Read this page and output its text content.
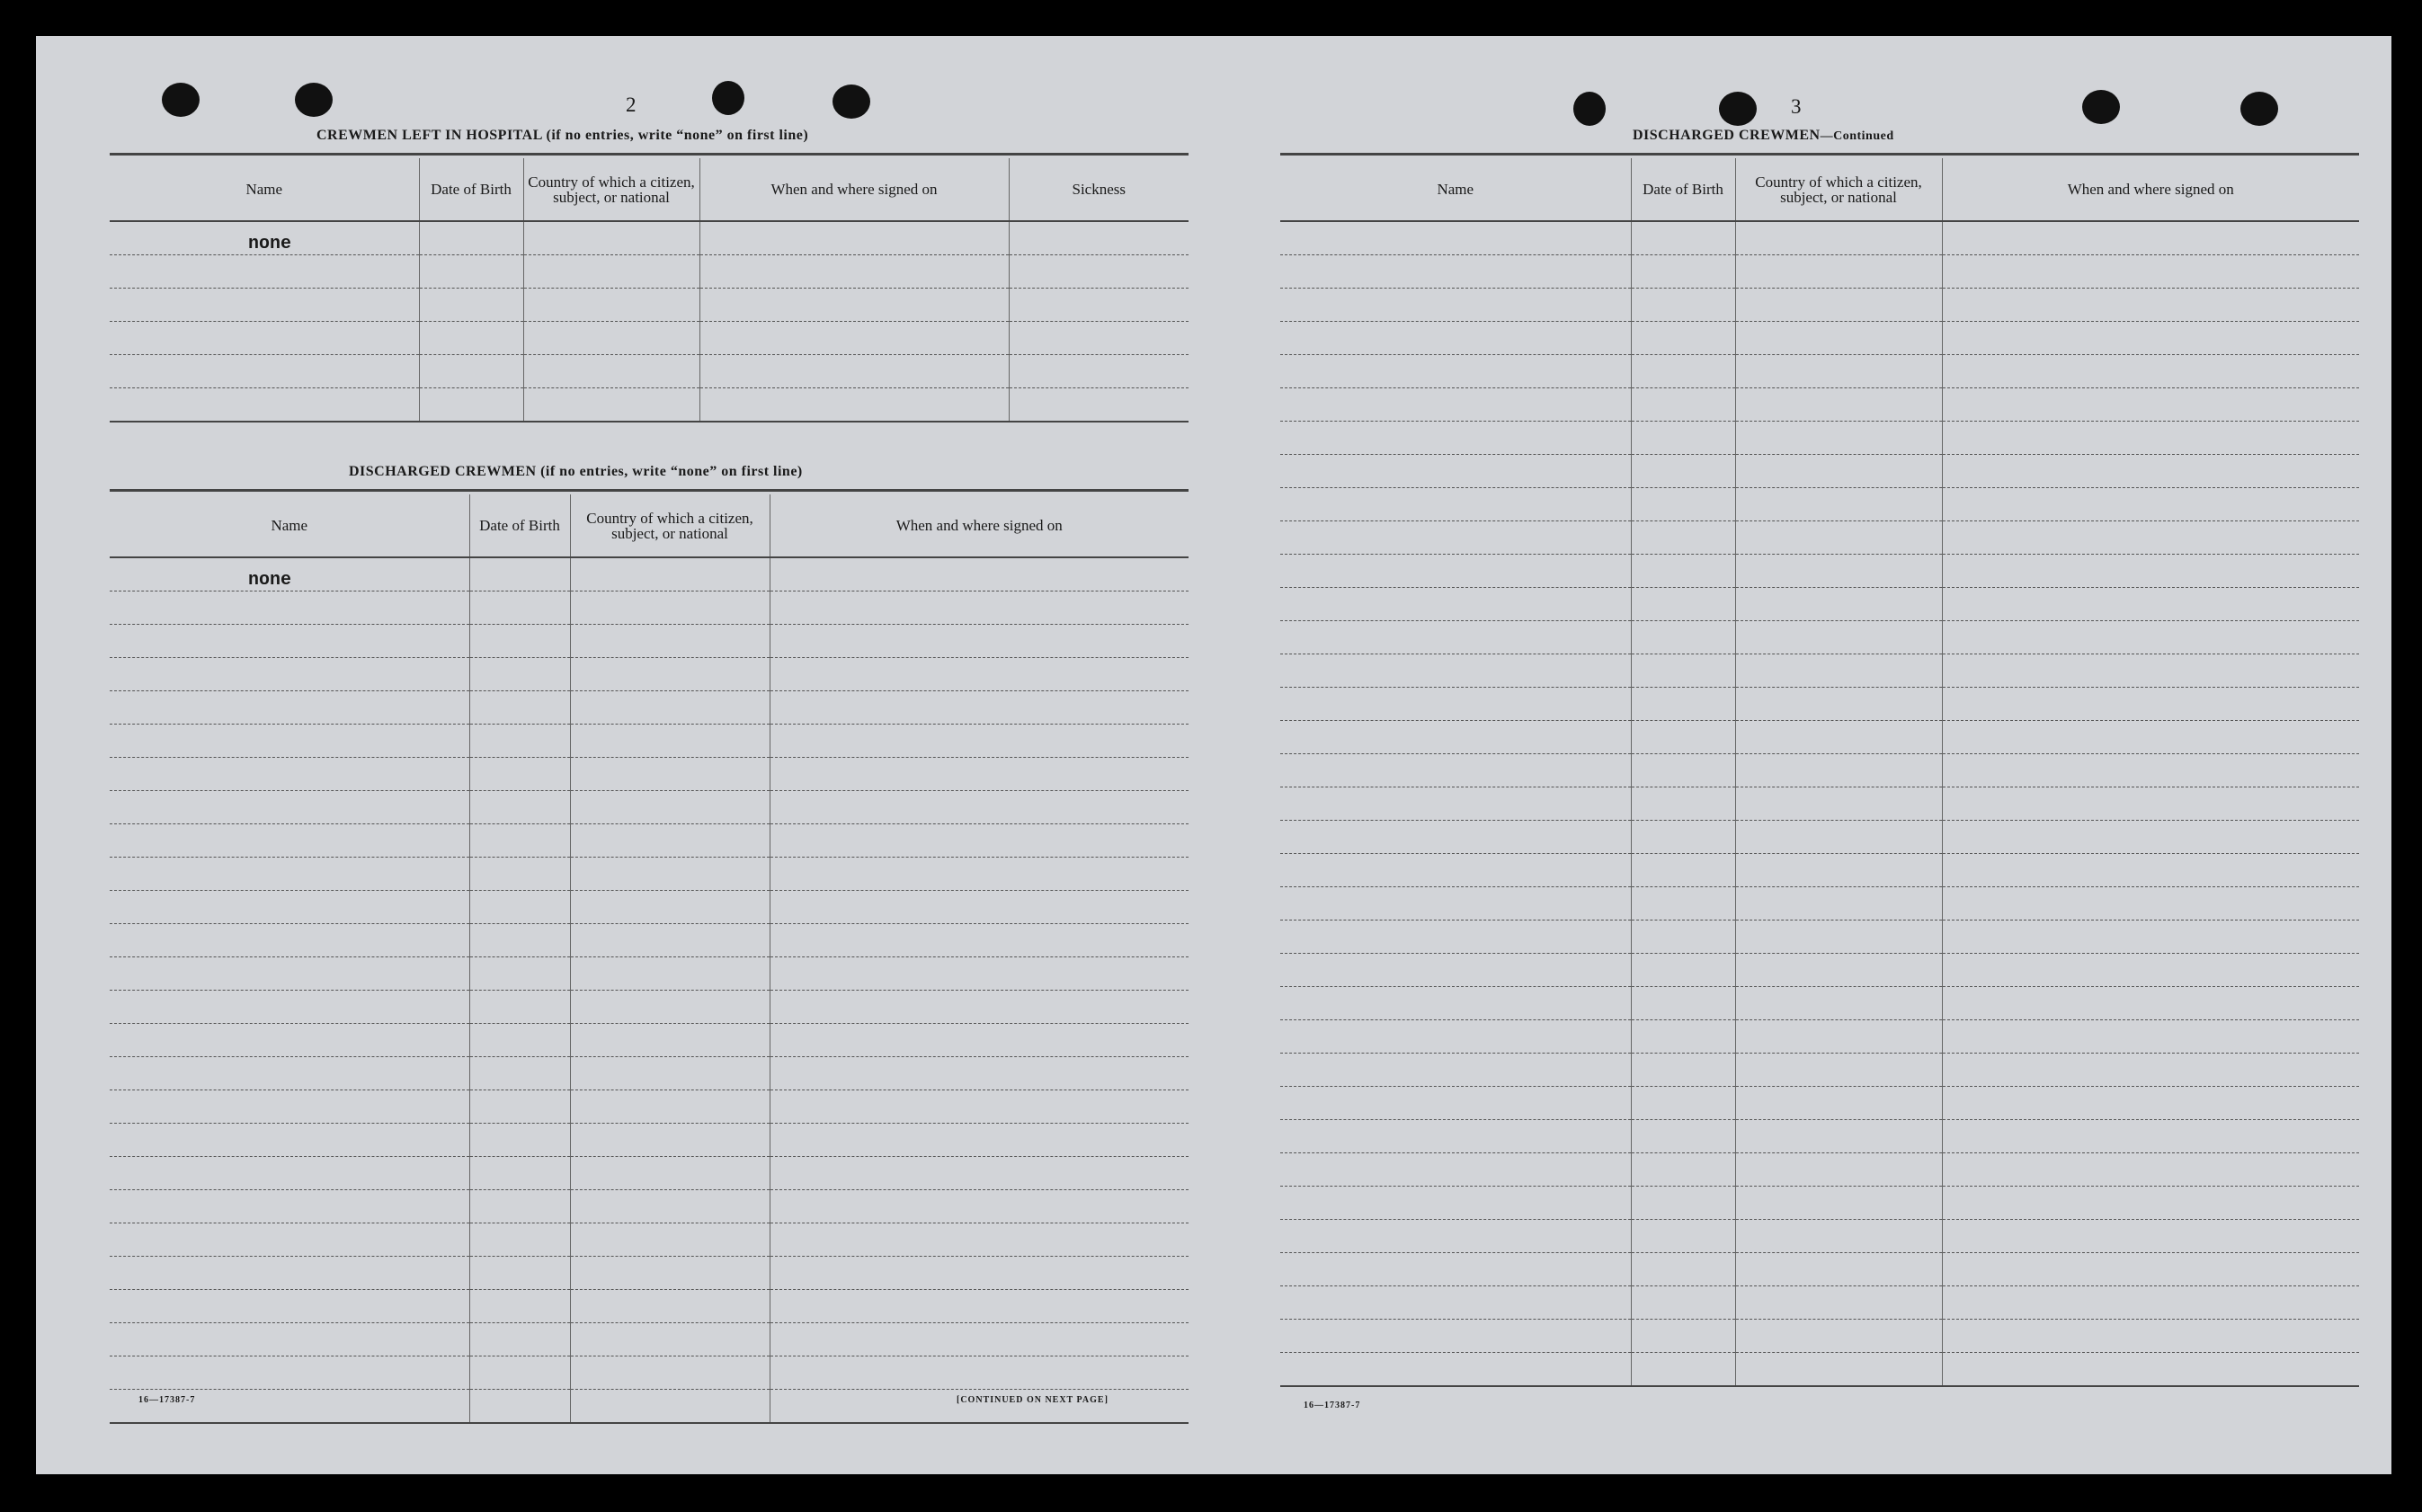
2
CREWMEN LEFT IN HOSPITAL (if no entries, write “none” on first line)
Name	Date of Birth	Country of which a citizen, subject, or national	When and where signed on	Sickness
none				

DISCHARGED CREWMEN (if no entries, write “none” on first line)
Name	Date of Birth	Country of which a citizen, subject, or national	When and where signed on
none			

16—17387-7	[CONTINUED ON NEXT PAGE]
3
DISCHARGED CREWMEN—Continued
Name	Date of Birth	Country of which a citizen, subject, or national	When and where signed on

16—17387-7
